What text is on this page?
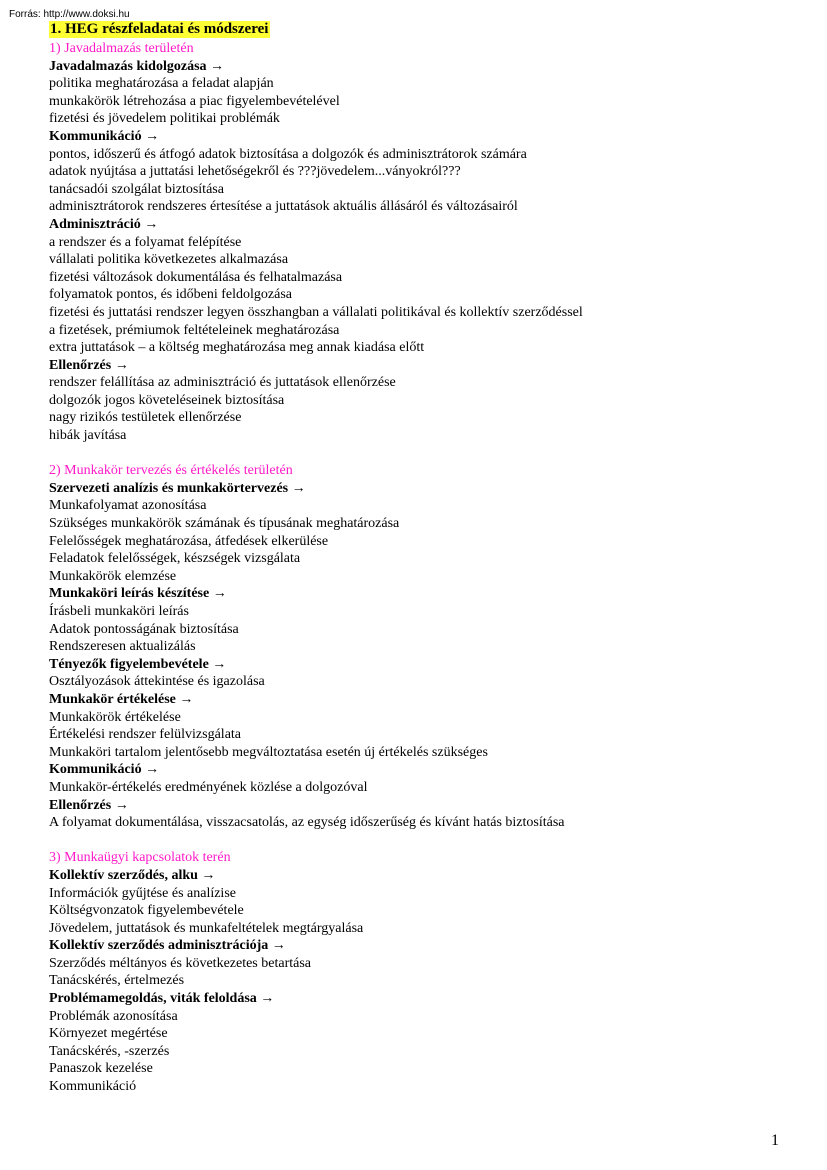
Forrás: http://www.doksi.hu
1. HEG részfeladatai és módszerei
1) Javadalmazás területén
Javadalmazás kidolgozása →
politika meghatározása a feladat alapján
munkakörök létrehozása a piac figyelembevételével
fizetési és jövedelem politikai problémák
Kommunikáció →
pontos, időszerű és átfogó adatok biztosítása a dolgozók és adminisztrátorok számára
adatok nyújtása a juttatási lehetőségekről és ???jövedelem...ványokról???
tanácsadói szolgálat biztosítása
adminisztrátorok rendszeres értesítése a juttatások aktuális állásáról és változásairól
Adminisztráció →
a rendszer és a folyamat felépítése
vállalati politika következetes alkalmazása
fizetési változások dokumentálása és felhatalmazása
folyamatok pontos, és időbeni feldolgozása
fizetési és juttatási rendszer legyen összhangban a vállalati politikával és kollektív szerződéssel
a fizetések, prémiumok feltételeinek meghatározása
extra juttatások – a költség meghatározása meg annak kiadása előtt
Ellenőrzés →
rendszer felállítása az adminisztráció és juttatások ellenőrzése
dolgozók jogos követeléseinek biztosítása
nagy rizikós testületek ellenőrzése
hibák javítása
2) Munkakör tervezés és értékelés területén
Szervezeti analízis és munkakörtervezés →
Munkafolyamat azonosítása
Szükséges munkakörök számának és típusának meghatározása
Felelősségek meghatározása, átfedések elkerülése
Feladatok felelősségek, készségek vizsgálata
Munkakörök elemzése
Munkaköri leírás készítése →
Írásbeli munkaköri leírás
Adatok pontosságának biztosítása
Rendszeresen aktualizálás
Tényezők figyelembevétele →
Osztályozások áttekintése és igazolása
Munkakör értékelése →
Munkakörök értékelése
Értékelési rendszer felülvizsgálata
Munkaköri tartalom jelentősebb megváltoztatása esetén új értékelés szükséges
Kommunikáció →
Munkakör-értékelés eredményének közlése a dolgozóval
Ellenőrzés →
A folyamat dokumentálása, visszacsatolás, az egység időszerűség és kívánt hatás biztosítása
3) Munkaügyi kapcsolatok terén
Kollektív szerződés, alku →
Információk gyűjtése és analízise
Költségvonzatok figyelembevétele
Jövedelem, juttatások és munkafeltételek megtárgyalása
Kollektív szerződés adminisztrációja →
Szerződés méltányos és következetes betartása
Tanácskérés, értelmezés
Problémamegoldás, viták feloldása →
Problémák azonosítása
Környezet megértése
Tanácskérés, -szerzés
Panaszok kezelése
Kommunikáció
1
